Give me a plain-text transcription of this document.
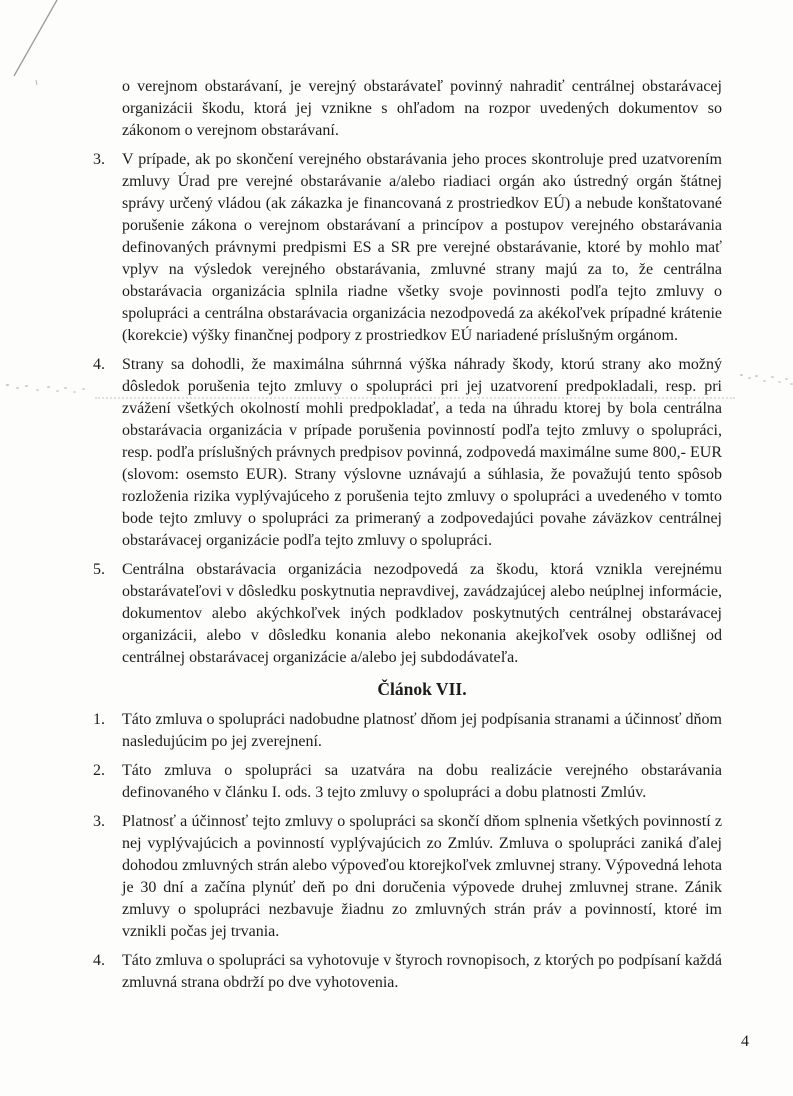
o verejnom obstarávaní, je verejný obstarávateľ povinný nahradiť centrálnej obstarávacej organizácii škodu, ktorá jej vznikne s ohľadom na rozpor uvedených dokumentov so zákonom o verejnom obstarávaní.

3.	V prípade, ak po skončení verejného obstarávania jeho proces skontroluje pred uzatvorením zmluvy Úrad pre verejné obstarávanie a/alebo riadiaci orgán ako ústredný orgán štátnej správy určený vládou (ak zákazka je financovaná z prostriedkov EÚ) a nebude konštatované porušenie zákona o verejnom obstarávaní a princípov a postupov verejného obstarávania definovaných právnymi predpismi ES a SR pre verejné obstarávanie, ktoré by mohlo mať vplyv na výsledok verejného obstarávania, zmluvné strany majú za to, že centrálna obstarávacia organizácia splnila riadne všetky svoje povinnosti podľa tejto zmluvy o spolupráci a centrálna obstarávacia organizácia nezodpovedá za akékoľvek prípadné krátenie (korekcie) výšky finančnej podpory z prostriedkov EÚ nariadené príslušným orgánom.

4.	Strany sa dohodli, že maximálna súhrnná výška náhrady škody, ktorú strany ako možný dôsledok porušenia tejto zmluvy o spolupráci pri jej uzatvorení predpokladali, resp. pri zvážení všetkých okolností mohli predpokladať, a teda na úhradu ktorej by bola centrálna obstarávacia organizácia v prípade porušenia povinností podľa tejto zmluvy o spolupráci, resp. podľa príslušných právnych predpisov povinná, zodpovedá maximálne sume 800,- EUR (slovom: osemsto EUR). Strany výslovne uznávajú a súhlasia, že považujú tento spôsob rozloženia rizika vyplývajúceho z porušenia tejto zmluvy o spolupráci a uvedeného v tomto bode tejto zmluvy o spolupráci za primeraný a zodpovedajúci povahe záväzkov centrálnej obstarávacej organizácie podľa tejto zmluvy o spolupráci.

5.	Centrálna obstarávacia organizácia nezodpovedá za škodu, ktorá vznikla verejnému obstarávateľovi v dôsledku poskytnutia nepravdivej, zavádzajúcej alebo neúplnej informácie, dokumentov alebo akýchkoľvek iných podkladov poskytnutých centrálnej obstarávacej organizácii, alebo v dôsledku konania alebo nekonania akejkoľvek osoby odlišnej od centrálnej obstarávacej organizácie a/alebo jej subdodávateľa.

Článok VII.
1.	Táto zmluva o spolupráci nadobudne platnosť dňom jej podpísania stranami a účinnosť dňom nasledujúcim po jej zverejnení.

2.	Táto zmluva o spolupráci sa uzatvára na dobu realizácie verejného obstarávania definovaného v článku I. ods. 3 tejto zmluvy o spolupráci a dobu platnosti Zmlúv.

3.	Platnosť a účinnosť tejto zmluvy o spolupráci sa skončí dňom splnenia všetkých povinností z nej vyplývajúcich a povinností vyplývajúcich zo Zmlúv. Zmluva o spolupráci zaniká ďalej dohodou zmluvných strán alebo výpoveďou ktorejkoľvek zmluvnej strany. Výpovedná lehota je 30 dní a začína plynúť deň po dni doručenia výpovede druhej zmluvnej strane. Zánik zmluvy o spolupráci nezbavuje žiadnu zo zmluvných strán práv a povinností, ktoré im vznikli počas jej trvania.

4.	Táto zmluva o spolupráci sa vyhotovuje v štyroch rovnopisoch, z ktorých po podpísaní každá zmluvná strana obdrží po dve vyhotovenia.

4
